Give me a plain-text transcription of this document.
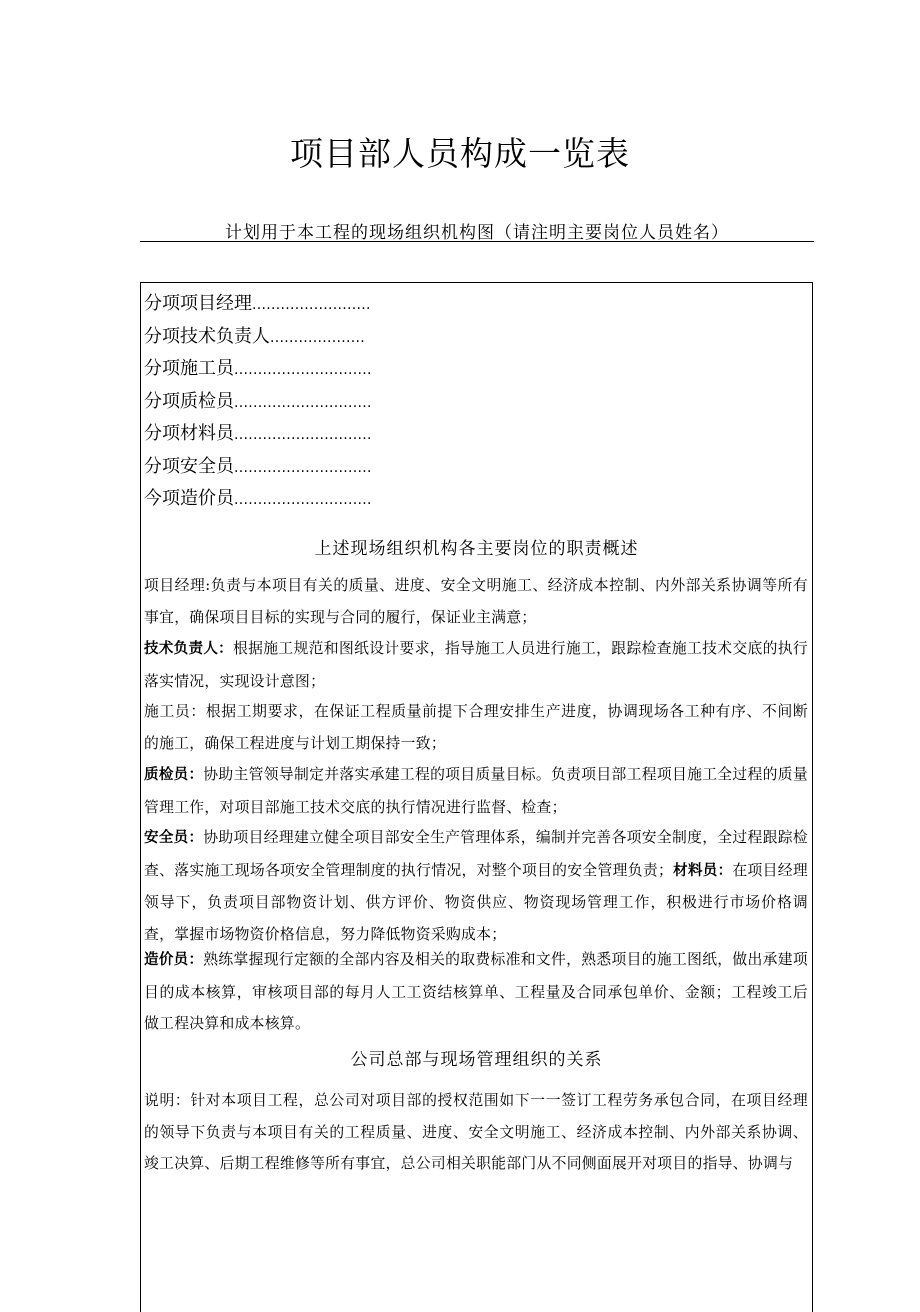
项目部人员构成一览表
计划用于本工程的现场组织机构图（请注明主要岗位人员姓名）
分项项目经理.........................
分项技术负责人....................
分项施工员.............................
分项质检员.............................
分项材料员.............................
分项安全员.............................
今项造价员.............................
上述现场组织机构各主要岗位的职责概述
项目经理:负责与本项目有关的质量、进度、安全文明施工、经济成本控制、内外部关系协调等所有事宜，确保项目目标的实现与合同的履行，保证业主满意；
技术负责人：根据施工规范和图纸设计要求，指导施工人员进行施工，跟踪检查施工技术交底的执行落实情况，实现设计意图；
施工员：根据工期要求，在保证工程质量前提下合理安排生产进度，协调现场各工种有序、不间断的施工，确保工程进度与计划工期保持一致；
质检员：协助主管领导制定并落实承建工程的项目质量目标。负责项目部工程项目施工全过程的质量管理工作，对项目部施工技术交底的执行情况进行监督、检查；
安全员：协助项目经理建立健全项目部安全生产管理体系，编制并完善各项安全制度，全过程跟踪检查、落实施工现场各项安全管理制度的执行情况，对整个项目的安全管理负责；材料员：在项目经理领导下，负责项目部物资计划、供方评价、物资供应、物资现场管理工作，积极进行市场价格调查，掌握市场物资价格信息，努力降低物资采购成本；
造价员：熟练掌握现行定额的全部内容及相关的取费标准和文件，熟悉项目的施工图纸，做出承建项目的成本核算，审核项目部的每月人工工资结核算单、工程量及合同承包单价、金额；工程竣工后做工程决算和成本核算。
公司总部与现场管理组织的关系
说明：针对本项目工程，总公司对项目部的授权范围如下一一签订工程劳务承包合同，在项目经理的领导下负责与本项目有关的工程质量、进度、安全文明施工、经济成本控制、内外部关系协调、竣工决算、后期工程维修等所有事宜，总公司相关职能部门从不同侧面展开对项目的指导、协调与
